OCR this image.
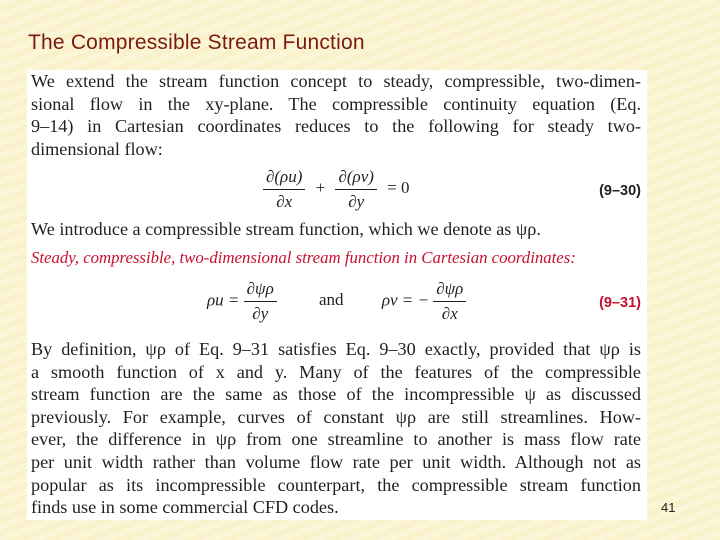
The Compressible Stream Function
We extend the stream function concept to steady, compressible, two-dimen-
sional flow in the xy-plane. The compressible continuity equation (Eq.
9–14) in Cartesian coordinates reduces to the following for steady two-
dimensional flow:
$\frac{\partial(\rho u)}{\partial x} + \frac{\partial(\rho v)}{\partial y} = 0$	(9–30)
We introduce a compressible stream function, which we denote as ψρ.
Steady, compressible, two-dimensional stream function in Cartesian coordinates:
$\rho u = \frac{\partial\psi\rho}{\partial y}$ and ρv = − $\frac{\partial\psi\rho}{\partial x}$	(9–31)
By definition, ψρ of Eq. 9–31 satisfies Eq. 9–30 exactly, provided that ψρ is
a smooth function of x and y. Many of the features of the compressible
stream function are the same as those of the incompressible ψ as discussed
previously. For example, curves of constant ψρ are still streamlines. How-
ever, the difference in ψρ from one streamline to another is mass flow rate
per unit width rather than volume flow rate per unit width. Although not as
popular as its incompressible counterpart, the compressible stream function
finds use in some commercial CFD codes.	41
